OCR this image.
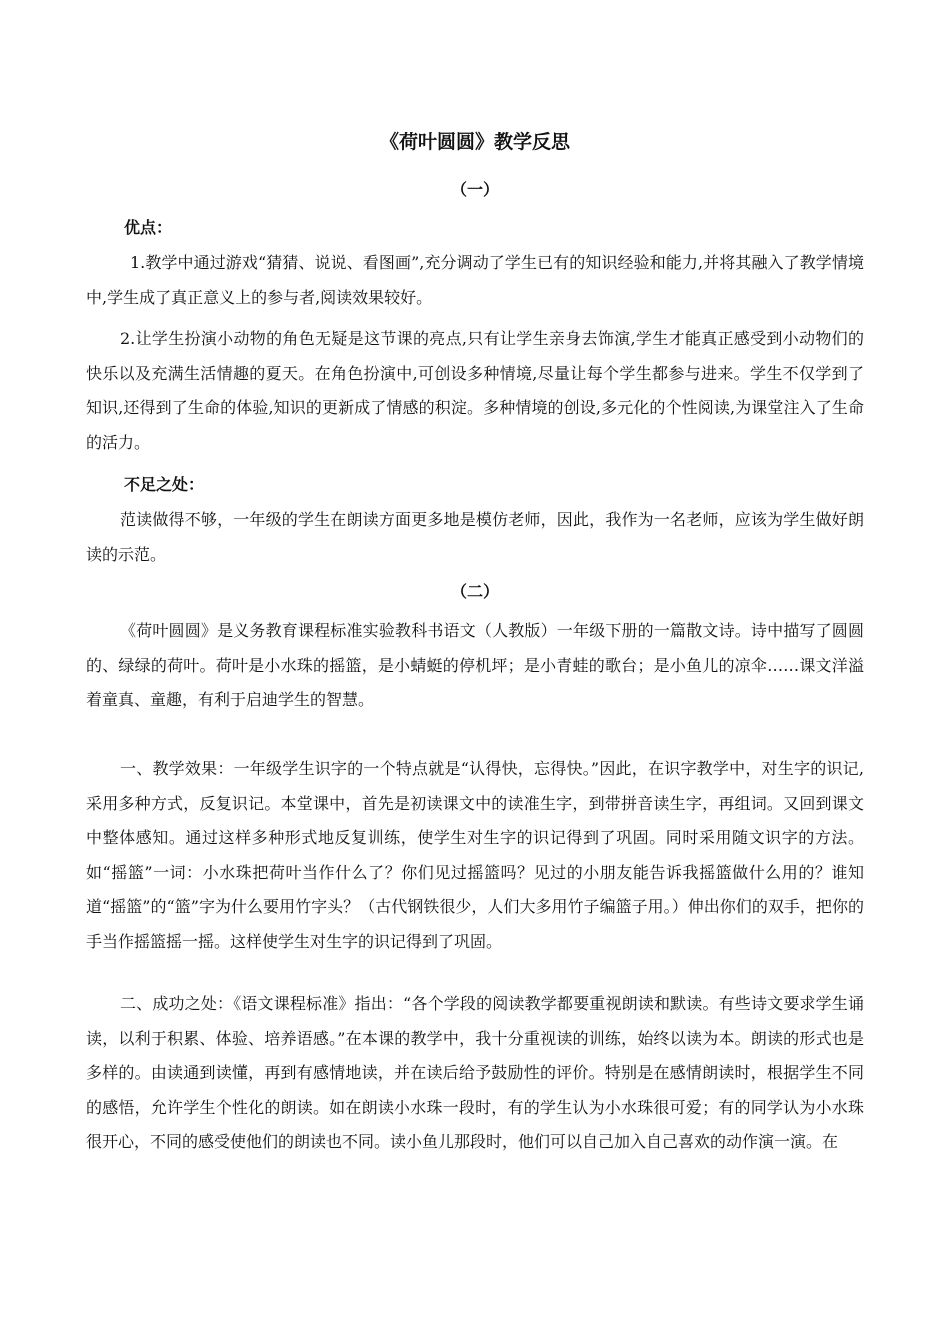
《荷叶圆圆》教学反思
（一）
优点：

1.教学中通过游戏“猜猜、说说、看图画”,充分调动了学生已有的知识经验和能力,并将其融入了教学情境中,学生成了真正意义上的参与者,阅读效果较好。

2.让学生扮演小动物的角色无疑是这节课的亮点,只有让学生亲身去饰演,学生才能真正感受到小动物们的快乐以及充满生活情趣的夏天。在角色扮演中,可创设多种情境,尽量让每个学生都参与进来。学生不仅学到了知识,还得到了生命的体验,知识的更新成了情感的积淀。多种情境的创设,多元化的个性阅读,为课堂注入了生命的活力。

不足之处：

范读做得不够，一年级的学生在朗读方面更多地是模仿老师，因此，我作为一名老师，应该为学生做好朗读的示范。

（二）

《荷叶圆圆》是义务教育课程标准实验教科书语文（人教版）一年级下册的一篇散文诗。诗中描写了圆圆的、绿绿的荷叶。荷叶是小水珠的摇篮，是小蜻蜓的停机坪；是小青蛙的歌台；是小鱼儿的凉伞……课文洋溢着童真、童趣，有利于启迪学生的智慧。

一、教学效果：一年级学生识字的一个特点就是“认得快，忘得快。”因此，在识字教学中，对生字的识记,采用多种方式，反复识记。本堂课中，首先是初读课文中的读准生字，到带拼音读生字，再组词。又回到课文中整体感知。通过这样多种形式地反复训练，使学生对生字的识记得到了巩固。同时采用随文识字的方法。如“摇篮”一词：小水珠把荷叶当作什么了？你们见过摇篮吗？见过的小朋友能告诉我摇篮做什么用的？谁知道“摇篮”的“篮”字为什么要用竹字头？（古代钢铁很少，人们大多用竹子编篮子用。）伸出你们的双手，把你的手当作摇篮摇一摇。这样使学生对生字的识记得到了巩固。

二、成功之处：《语文课程标准》指出：“各个学段的阅读教学都要重视朗读和默读。有些诗文要求学生诵读，以利于积累、体验、培养语感。”在本课的教学中，我十分重视读的训练，始终以读为本。朗读的形式也是多样的。由读通到读懂，再到有感情地读，并在读后给予鼓励性的评价。特别是在感情朗读时，根据学生不同的感悟，允许学生个性化的朗读。如在朗读小水珠一段时，有的学生认为小水珠很可爱；有的同学认为小水珠很开心，不同的感受使他们的朗读也不同。读小鱼儿那段时，他们可以自己加入自己喜欢的动作演一演。在
